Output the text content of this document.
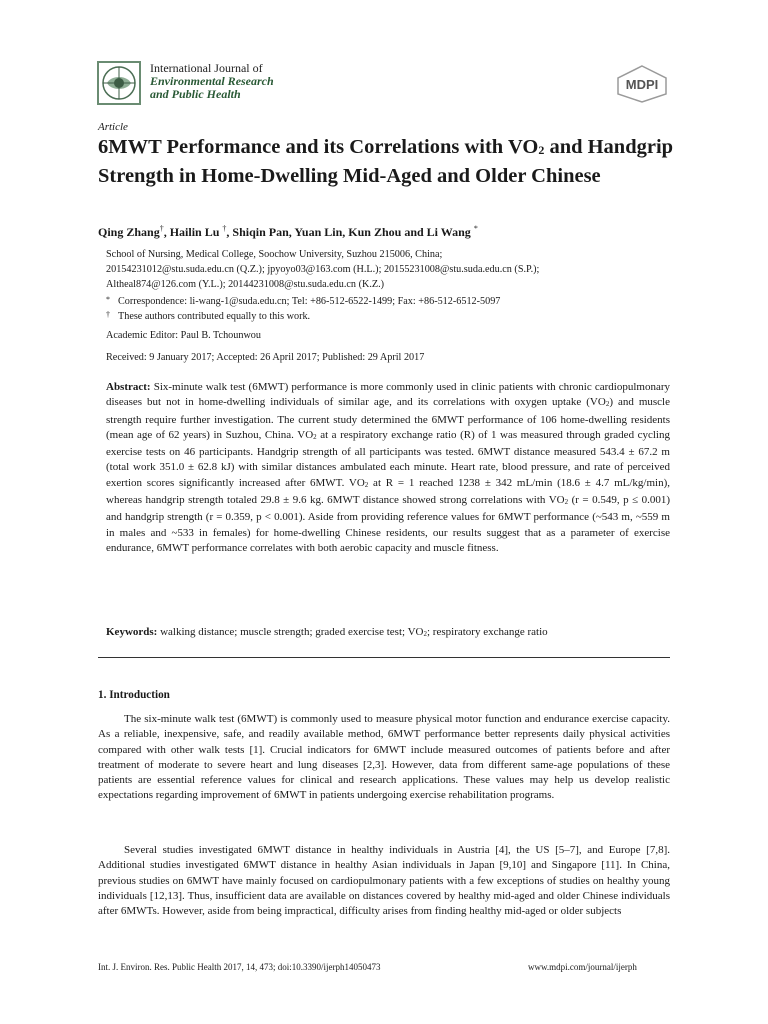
International Journal of
Environmental Research
and Public Health
MDPI
Article
6MWT Performance and its Correlations with $VO_2$ and Handgrip Strength in Home-Dwelling Mid-Aged and Older Chinese
Qing Zhang†, Hailin Lu †, Shiqin Pan, Yuan Lin, Kun Zhou and Li Wang *
School of Nursing, Medical College, Soochow University, Suzhou 215006, China;
20154231012@stu.suda.edu.cn (Q.Z.); jpyoyo03@163.com (H.L.); 20155231008@stu.suda.edu.cn (S.P.);
Altheal874@126.com (Y.L.); 20144231008@stu.suda.edu.cn (K.Z.)
* Correspondence: li-wang-1@suda.edu.cn; Tel: +86-512-6522-1499; Fax: +86-512-6512-5097
† These authors contributed equally to this work.
Academic Editor: Paul B. Tchounwou
Received: 9 January 2017; Accepted: 26 April 2017; Published: 29 April 2017
Abstract: Six-minute walk test (6MWT) performance is more commonly used in clinic patients with chronic cardiopulmonary diseases but not in home-dwelling individuals of similar age, and its correlations with oxygen uptake $(VO_2)$ and muscle strength require further investigation. The current study determined the 6MWT performance of 106 home-dwelling residents (mean age of 62 years) in Suzhou, China. $VO_2$ at a respiratory exchange ratio (R) of 1 was measured through graded cycling exercise tests on 46 participants. Handgrip strength of all participants was tested. 6MWT distance measured 543.4 ± 67.2 m (total work 351.0 ± 62.8 kJ) with similar distances ambulated each minute. Heart rate, blood pressure, and rate of perceived exertion scores significantly increased after 6MWT. $VO_2$ at R = 1 reached 1238 ± 342 mL/min (18.6 ± 4.7 mL/kg/min), whereas handgrip strength totaled 29.8 ± 9.6 kg. 6MWT distance showed strong correlations with $VO_2$ (r = 0.549, p ≤ 0.001) and handgrip strength (r = 0.359, p < 0.001). Aside from providing reference values for 6MWT performance (~543 m, ~559 m in males and ~533 in females) for home-dwelling Chinese residents, our results suggest that as a parameter of exercise endurance, 6MWT performance correlates with both aerobic capacity and muscle fitness.
Keywords: walking distance; muscle strength; graded exercise test; $VO_2$; respiratory exchange ratio
1. Introduction
The six-minute walk test (6MWT) is commonly used to measure physical motor function and endurance exercise capacity. As a reliable, inexpensive, safe, and readily available method, 6MWT performance better represents daily physical activities compared with other walk tests [1]. Crucial indicators for 6MWT include measured outcomes of patients before and after treatment of moderate to severe heart and lung diseases [2,3]. However, data from different same-age populations of these patients are essential reference values for clinical and research applications. These values may help us develop realistic expectations regarding improvement of 6MWT in patients undergoing exercise rehabilitation programs.
Several studies investigated 6MWT distance in healthy individuals in Austria [4], the US [5–7], and Europe [7,8]. Additional studies investigated 6MWT distance in healthy Asian individuals in Japan [9,10] and Singapore [11]. In China, previous studies on 6MWT have mainly focused on cardiopulmonary patients with a few exceptions of studies on healthy young individuals [12,13]. Thus, insufficient data are available on distances covered by healthy mid-aged and older Chinese individuals after 6MWTs. However, aside from being impractical, difficulty arises from finding healthy mid-aged or older subjects
Int. J. Environ. Res. Public Health 2017, 14, 473; doi:10.3390/ijerph14050473	www.mdpi.com/journal/ijerph
